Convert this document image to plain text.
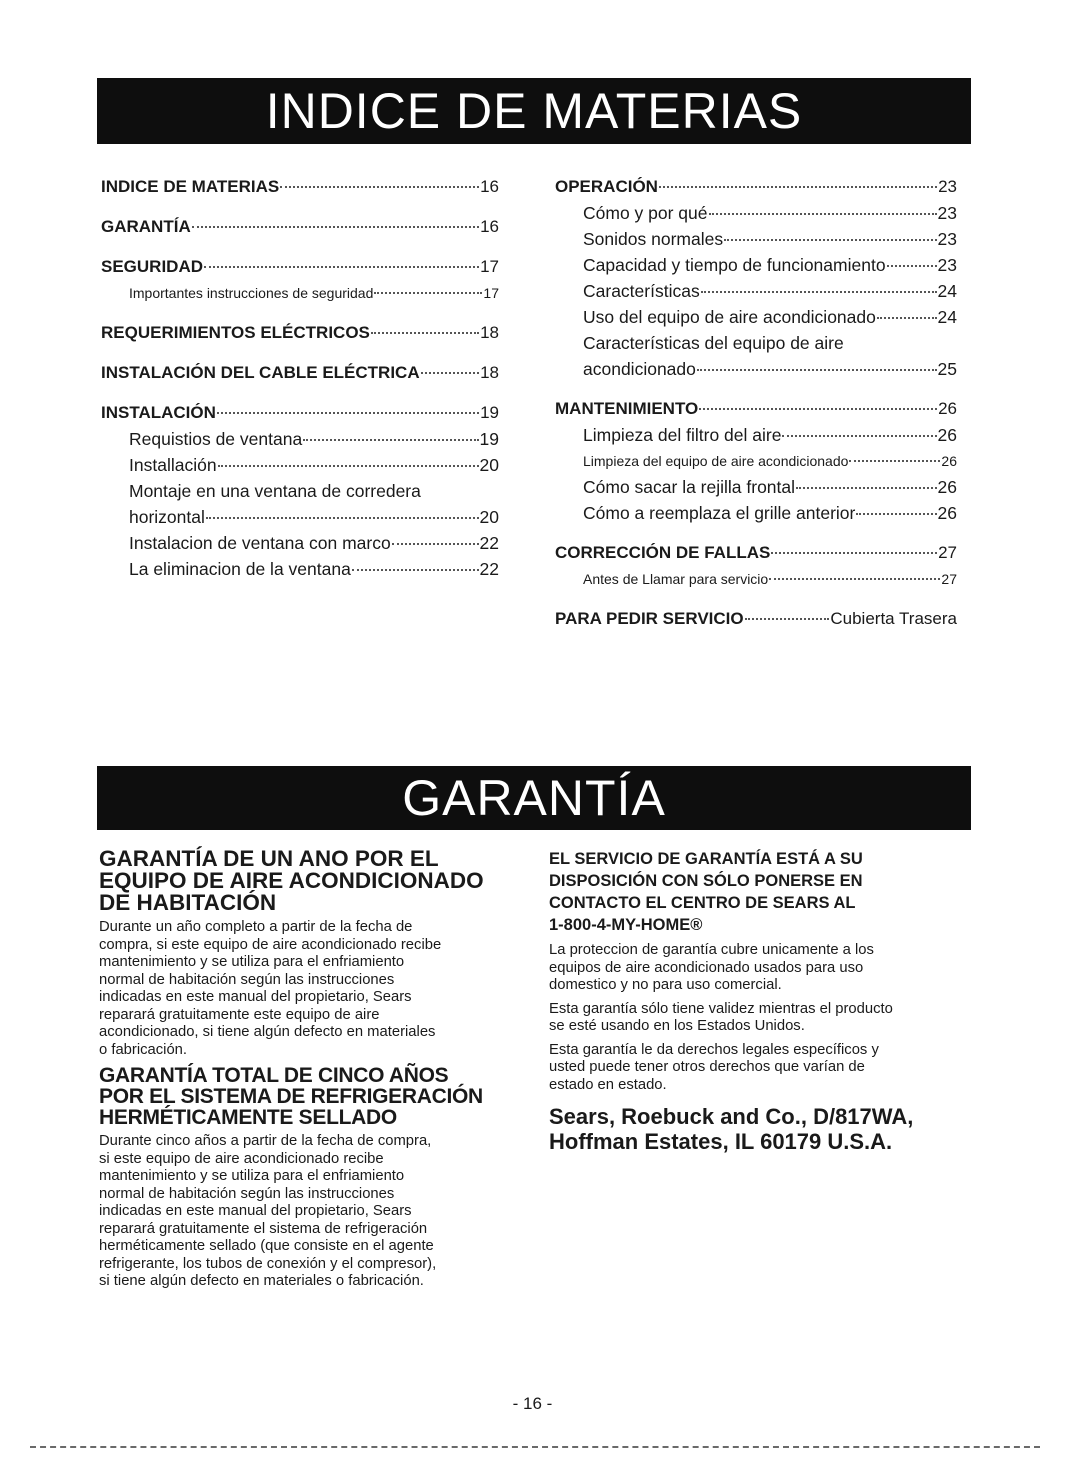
INDICE DE MATERIAS
GARANTÍA
INDICE DE MATERIAS	16
GARANTÍA	16
SEGURIDAD	17
Importantes instrucciones de seguridad	17
REQUERIMIENTOS ELÉCTRICOS	18
INSTALACIÓN DEL CABLE ELÉCTRICA	18
INSTALACIÓN	19
Requistios de ventana	19
Installación	20
Montaje en una ventana de corredera
horizontal	20
Instalacion de ventana con marco	22
La eliminacion de la ventana	22
OPERACIÓN	23
Cómo y por qué	23
Sonidos normales	23
Capacidad y tiempo de funcionamiento	23
Características	24
Uso del equipo de aire acondicionado	24
Características del equipo de aire
acondicionado	25
MANTENIMIENTO	26
Limpieza del filtro del aire	26
Limpieza del equipo de aire acondicionado	26
Cómo sacar la rejilla frontal	26
Cómo a reemplaza el grille anterior	26
CORRECCIÓN DE FALLAS	27
Antes de Llamar para servicio	27
PARA PEDIR SERVICIO	Cubierta Trasera
GARANTÍA DE UN ANO POR EL
EQUIPO DE AIRE ACONDICIONADO
DE HABITACIÓN
Durante un año completo a partir de la fecha de
compra, si este equipo de aire acondicionado recibe
mantenimiento y se utiliza para el enfriamiento
normal de habitación según las instrucciones
indicadas en este manual del propietario, Sears
reparará gratuitamente este equipo de aire
acondicionado, si tiene algún defecto en materiales
o fabricación.
GARANTÍA TOTAL DE CINCO AÑOS
POR EL SISTEMA DE REFRIGERACIÓN
HERMÉTICAMENTE SELLADO
Durante cinco años a partir de la fecha de compra,
si este equipo de aire acondicionado recibe
mantenimiento y se utiliza para el enfriamiento
normal de habitación según las instrucciones
indicadas en este manual del propietario, Sears
reparará gratuitamente el sistema de refrigeración
herméticamente sellado (que consiste en el agente
refrigerante, los tubos de conexión y el compresor),
si tiene algún defecto en materiales o fabricación.
EL SERVICIO DE GARANTÍA ESTÁ A SU
DISPOSICIÓN CON SÓLO PONERSE EN
CONTACTO EL CENTRO DE SEARS AL
1-800-4-MY-HOME®
La proteccion de garantía cubre unicamente a los
equipos de aire acondicionado usados para uso
domestico y no para uso comercial.
Esta garantía sólo tiene validez mientras el producto
se esté usando en los Estados Unidos.
Esta garantía le da derechos legales específicos y
usted puede tener otros derechos que varían de
estado en estado.
Sears, Roebuck and Co., D/817WA,
Hoffman Estates, IL 60179 U.S.A.
- 16 -
